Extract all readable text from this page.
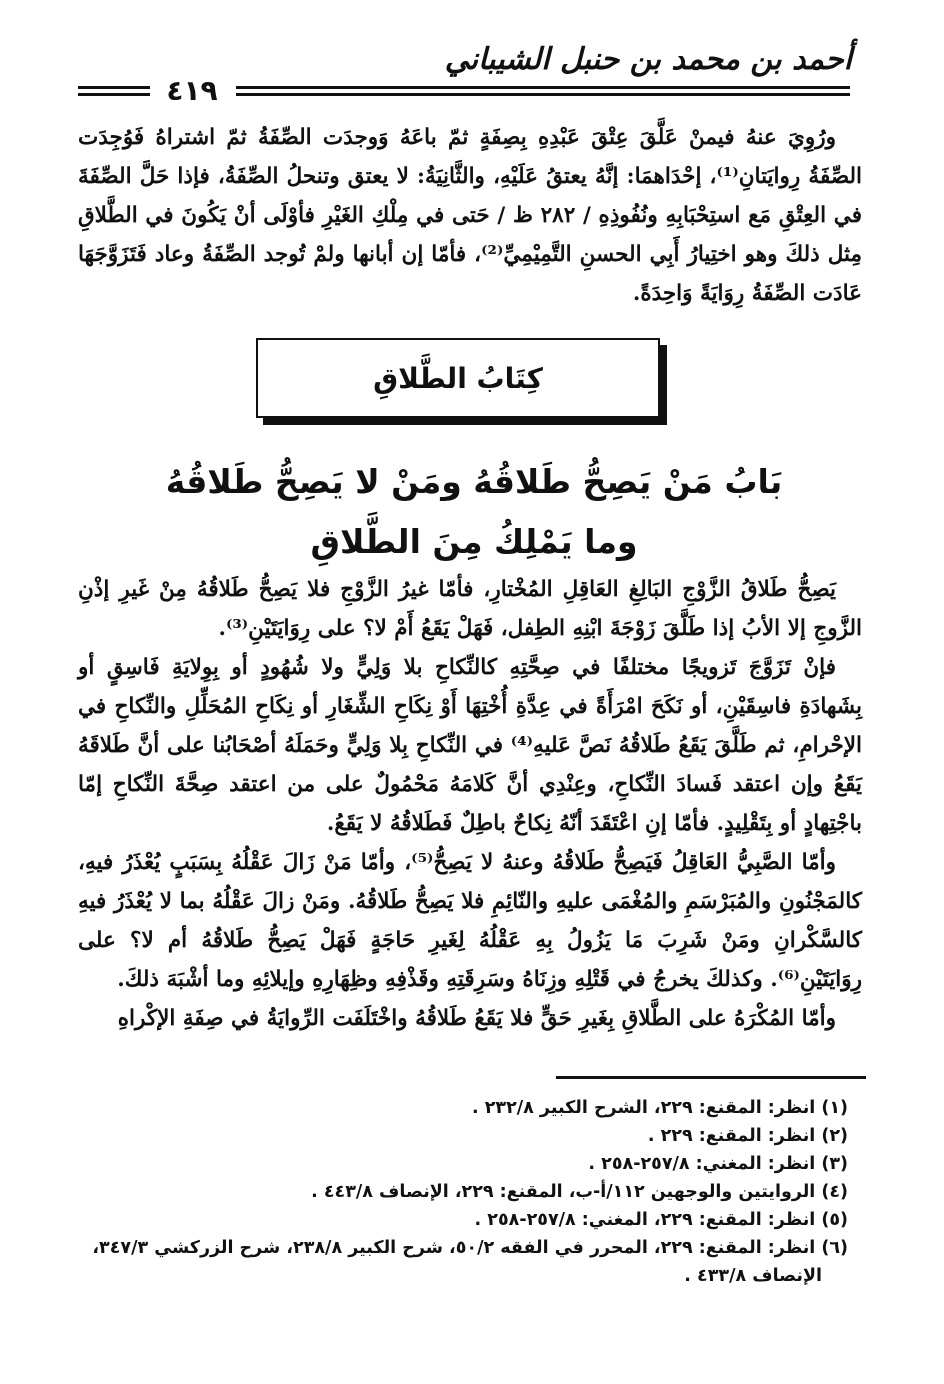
أحمد بن محمد بن حنبل الشيباني
٤١٩

ورُوِيَ عنهُ فيمنْ عَلَّقَ عِتْقَ عَبْدِهِ بِصِفَةٍ ثمّ باعَهُ وَوجدَت الصِّفَةُ ثمّ اشتراهُ فَوُجِدَت الصِّفَةُ رِوايَتانِ⁽¹⁾، إحْدَاهمَا: إنَّهُ يعتقُ عَلَيْهِ، والثَّانِيَةُ: لا يعتق وتنحلُ الصِّفَةُ، فإذا حَلَّ الصِّفَةَ في العِتْقِ مَع استِحْبَابِهِ ونُفُوذِهِ / ٢٨٢ ظ / حَتى في مِلْكِ الغَيْرِ فأوْلَى أنْ يَكُونَ في الطَّلاقِ مِثل ذلكَ وهو اختِيارُ أَبِي الحسنِ التَّمِيْمِيِّ⁽²⁾، فأمّا إن أبانها ولمْ تُوجد الصِّفَةُ وعاد فَتَزَوَّجَهَا عَادَت الصِّفَةُ رِوَايَةً وَاحِدَةً.

كِتَابُ الطَّلاقِ
بَابُ مَنْ يَصِحُّ طَلاقُهُ ومَنْ لا يَصِحُّ طَلاقُهُ
وما يَمْلِكُ مِنَ الطَّلاقِ

يَصِحُّ طَلاقُ الزَّوْجِ البَالِغِ العَاقِلِ المُخْتارِ، فأمّا غيرُ الزَّوْجِ فلا يَصِحُّ طَلاقُهُ مِنْ غَيرِ إذْنِ الزَّوجِ إلا الأبُ إذا طَلَّقَ زَوْجَةَ ابْنِهِ الطِفل، فَهَلْ يَقَعُ أَمْ لا؟ على رِوَايَتَيْنِ⁽³⁾.

فإنْ تَزَوَّجَ تَزويجًا مختلفًا في صِحَّتِهِ كالنِّكاحِ بلا وَلِيٍّ ولا شُهُودٍ أو بِوِلايَةِ فَاسِقٍ أو بِشَهادَةِ فاسِقَيْنِ، أو نَكَحَ امْرَأَةً في عِدَّةِ أُخْتِهَا أَوْ نِكَاحِ الشِّغَارِ أو نِكَاحِ المُحَلِّلِ والنِّكاحِ في الإحْرامِ، ثم طَلَّقَ يَقَعُ طَلاقُهُ نَصَّ عَليهِ⁽⁴⁾ في النِّكاحِ بِلا وَلِيٍّ وحَمَلَهُ أصْحَابُنا على أنَّ طَلاقَهُ يَقَعُ وإن اعتقد فَسادَ النِّكاحِ، وعِنْدِي أنَّ كَلامَهُ مَحْمُولٌ على من اعتقد صِحَّةَ النِّكاحِ إمّا باجْتِهادٍ أو بِتَقْلِيدٍ. فأمّا إنِ اعْتَقَدَ أنّهُ نِكاحٌ باطِلٌ فَطَلاقُهُ لا يَقَعُ.

وأمّا الصَّبِيُّ العَاقِلُ فَيَصِحُّ طَلاقُهُ وعنهُ لا يَصِحُّ⁽⁵⁾، وأمّا مَنْ زَالَ عَقْلُهُ بِسَبَبٍ يُعْذَرُ فيهِ، كالمَجْنُونِ والمُبَرْسَمِ والمُغْمَى عليهِ والنّائِمِ فلا يَصِحُّ طَلاقُهُ. ومَنْ زالَ عَقْلُهُ بما لا يُعْذَرُ فيهِ كالسَّكْرانِ ومَنْ شَرِبَ مَا يَزُولُ بِهِ عَقْلُهُ لِغَيرِ حَاجَةٍ فَهَلْ يَصِحُّ طَلاقُهُ أم لا؟ على رِوَايَتَيْنِ⁽⁶⁾. وكذلكَ يخرجُ في قَتْلِهِ وزِنَاهُ وسَرِقَتِهِ وقَذْفِهِ وظِهَارِهِ وإيلائِهِ وما أشْبَهَ ذلكَ.

وأمّا المُكْرَهُ على الطَّلاقِ بِغَيرِ حَقٍّ فلا يَقَعُ طَلاقُهُ واخْتَلَفَت الرِّوايَةُ في صِفَةِ الإكْراهِ

(١)انظر: المقنع: ٢٢٩، الشرح الكبير ٢٣٢/٨ .
(٢)انظر: المقنع: ٢٢٩ .
(٣)انظر: المغني: ٢٥٧/٨-٢٥٨ .
(٤)الروايتين والوجهين ١١٢/أ-ب، المقنع: ٢٢٩، الإنصاف ٤٤٣/٨ .
(٥)انظر: المقنع: ٢٢٩، المغني: ٢٥٧/٨-٢٥٨ .
(٦)انظر: المقنع: ٢٢٩، المحرر في الفقه ٥٠/٢، شرح الكبير ٢٣٨/٨، شرح الزركشي ٣٤٧/٣،
الإنصاف ٤٣٣/٨ .
